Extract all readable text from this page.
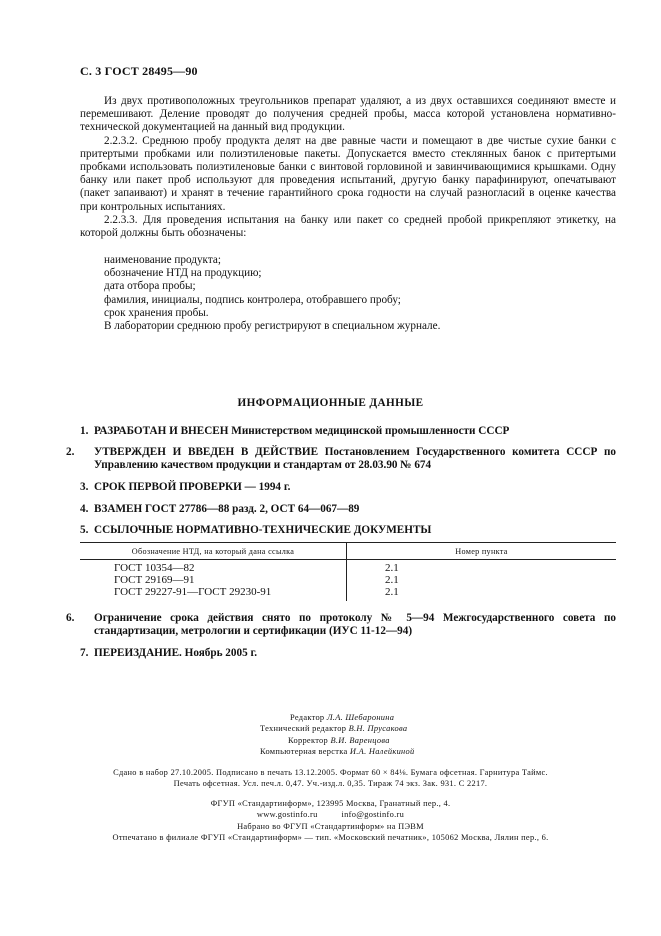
С. 3 ГОСТ 28495—90

Из двух противоположных треугольников препарат удаляют, а из двух оставшихся соединяют вместе и перемешивают. Деление проводят до получения средней пробы, масса которой установлена нормативно-технической документацией на данный вид продукции.

2.2.3.2. Среднюю пробу продукта делят на две равные части и помещают в две чистые сухие банки с притертыми пробками или полиэтиленовые пакеты. Допускается вместо стеклянных банок с притертыми пробками использовать полиэтиленовые банки с винтовой горловиной и завинчивающимися крышками. Одну банку или пакет проб используют для проведения испытаний, другую банку парафинируют, опечатывают (пакет запаивают) и хранят в течение гарантийного срока годности на случай разногласий в оценке качества при контрольных испытаниях.

2.2.3.3. Для проведения испытания на банку или пакет со средней пробой прикрепляют этикетку, на которой должны быть обозначены:

наименование продукта;
обозначение НТД на продукцию;
дата отбора пробы;
фамилия, инициалы, подпись контролера, отобравшего пробу;
срок хранения пробы.
В лаборатории среднюю пробу регистрируют в специальном журнале.
ИНФОРМАЦИОННЫЕ ДАННЫЕ
1. РАЗРАБОТАН И ВНЕСЕН Министерством медицинской промышленности СССР
2. УТВЕРЖДЕН И ВВЕДЕН В ДЕЙСТВИЕ Постановлением Государственного комитета СССР по Управлению качеством продукции и стандартам от 28.03.90 № 674
3. СРОК ПЕРВОЙ ПРОВЕРКИ — 1994 г.
4. ВЗАМЕН ГОСТ 27786—88 разд. 2, ОСТ 64—067—89
5. ССЫЛОЧНЫЕ НОРМАТИВНО-ТЕХНИЧЕСКИЕ ДОКУМЕНТЫ
Обозначение НТД, на который дана ссылка	Номер пункта
ГОСТ 10354—82	2.1
ГОСТ 29169—91	2.1
ГОСТ 29227-91—ГОСТ 29230-91	2.1
6. Ограничение срока действия снято по протоколу № 5—94 Межгосударственного совета по стандартизации, метрологии и сертификации (ИУС 11-12—94)
7. ПЕРЕИЗДАНИЕ. Ноябрь 2005 г.
Редактор Л.А. Шебаронина
Технический редактор В.Н. Прусакова
Корректор В.И. Варенцова
Компьютерная верстка И.А. Налейкиной
Сдано в набор 27.10.2005. Подписано в печать 13.12.2005. Формат 60 × 84⅛. Бумага офсетная. Гарнитура Таймс.
Печать офсетная. Усл. печ.л. 0,47. Уч.-изд.л. 0,35. Тираж 74 экз. Зак. 931. С 2217.
ФГУП «Стандартинформ», 123995 Москва, Гранатный пер., 4.
www.gostinfo.ru          info@gostinfo.ru
Набрано во ФГУП «Стандартинформ» на ПЭВМ
Отпечатано в филиале ФГУП «Стандартинформ» — тип. «Московский печатник», 105062 Москва, Лялин пер., 6.
